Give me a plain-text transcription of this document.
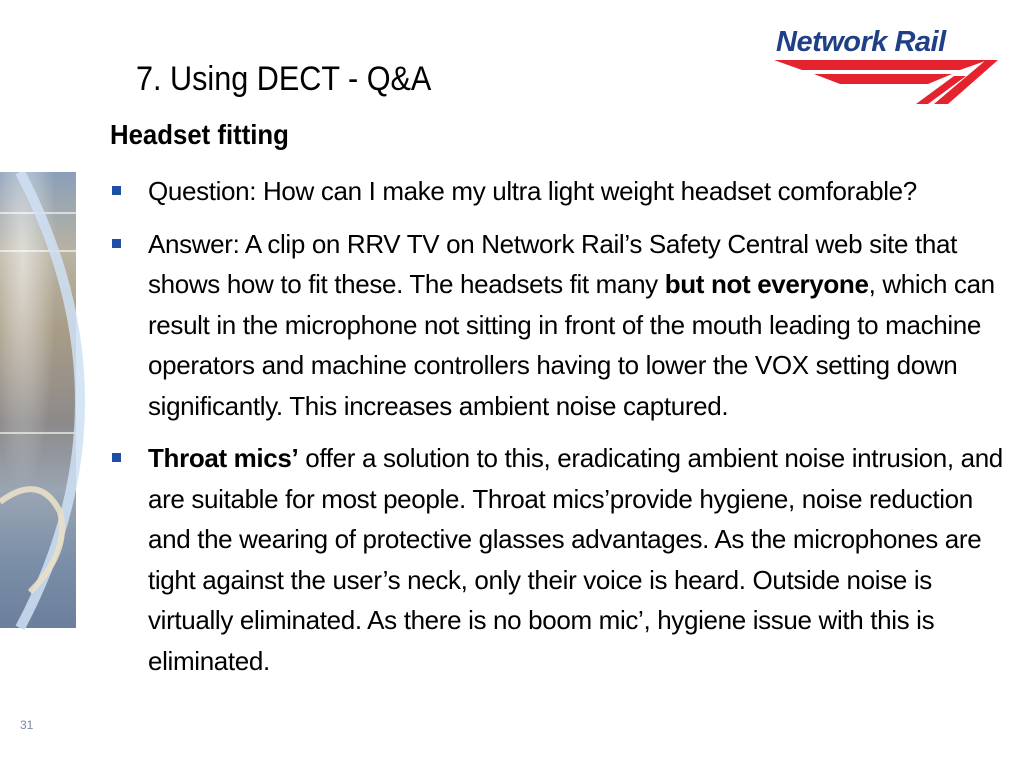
Network Rail
7. Using DECT - Q&A
Headset fitting
Question: How can I make my ultra light weight headset comforable?
Answer: A clip on RRV TV on Network Rail’s Safety Central web site that shows how to fit these. The headsets fit many but not everyone, which can result in the microphone not sitting in front of the mouth leading to machine operators and machine controllers having to lower the VOX setting down significantly. This increases ambient noise captured.
Throat mics’ offer a solution to this, eradicating ambient noise intrusion, and are suitable for most people. Throat mics’provide hygiene, noise reduction and the wearing of protective glasses advantages. As the microphones are tight against the user’s neck, only their voice is heard. Outside noise is virtually eliminated. As there is no boom mic’, hygiene issue with this is eliminated.
31
